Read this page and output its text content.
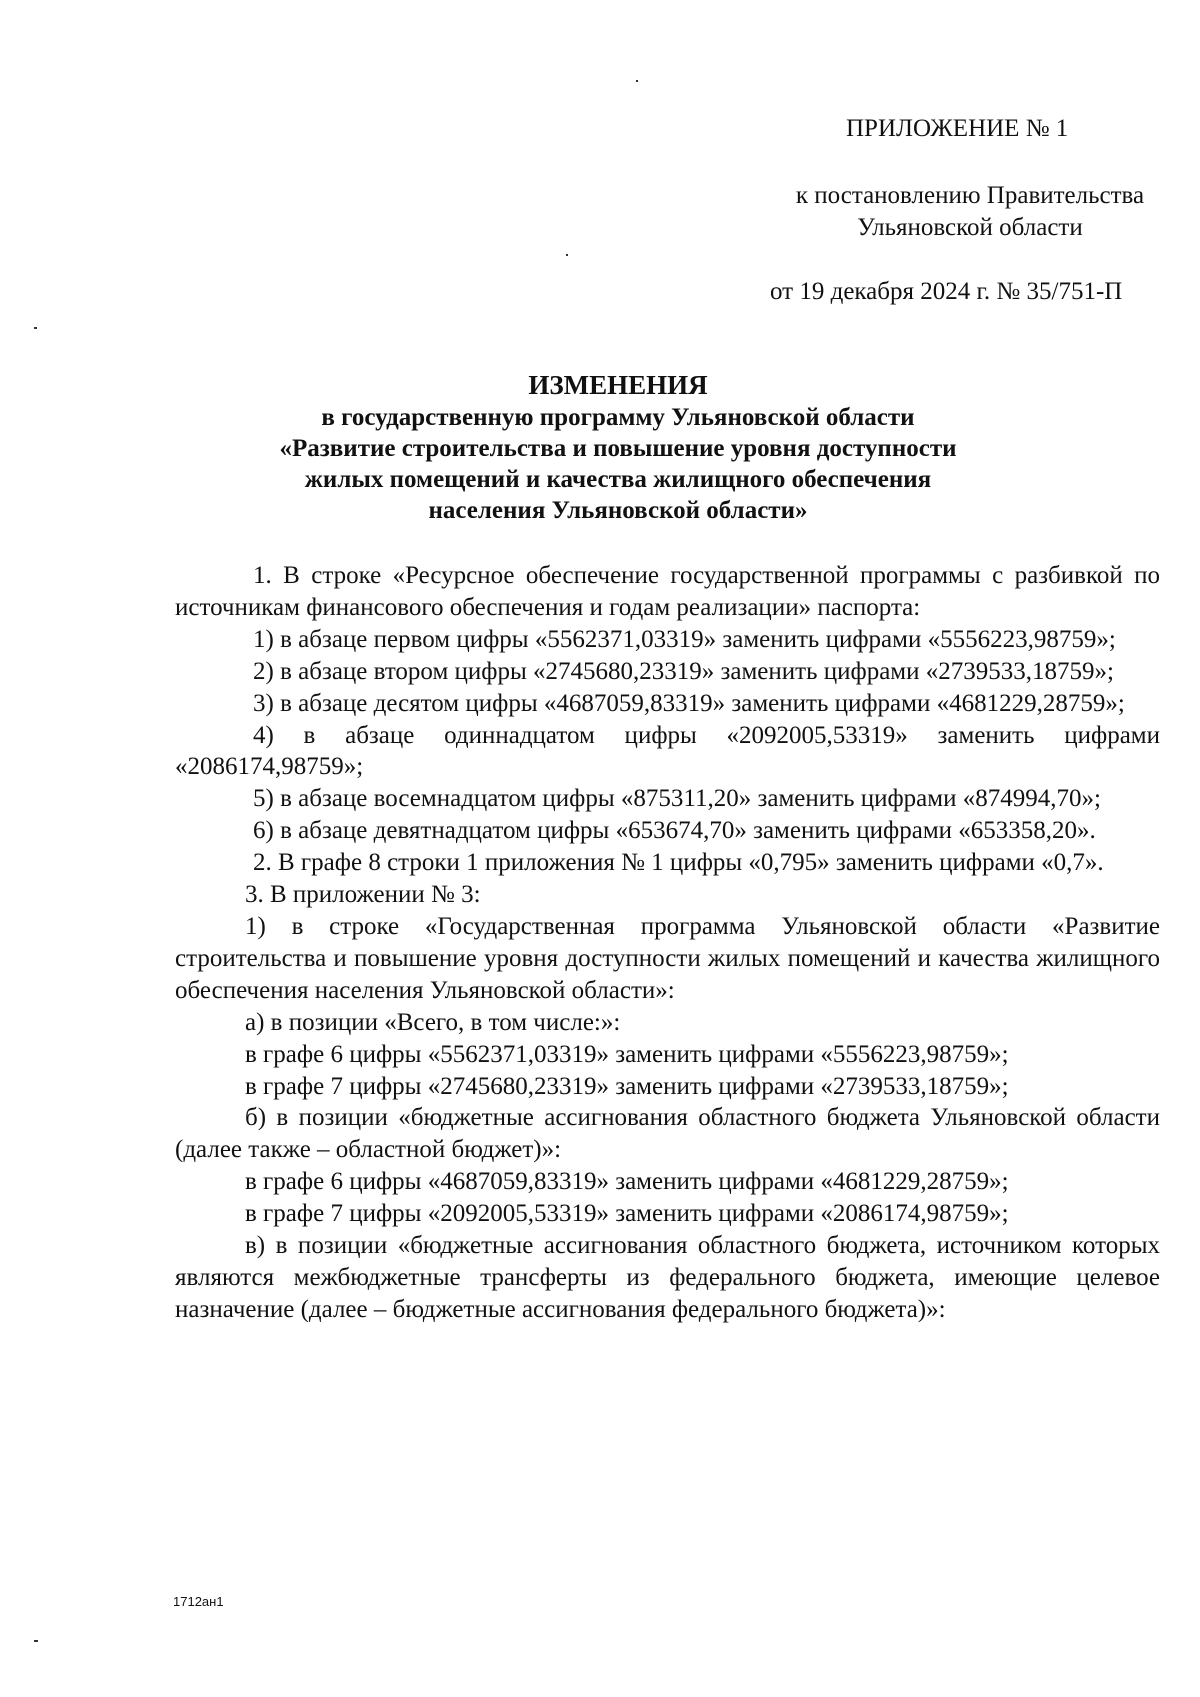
ПРИЛОЖЕНИЕ № 1
к постановлению Правительства
Ульяновской области
от 19 декабря 2024 г. № 35/751-П
ИЗМЕНЕНИЯ
в государственную программу Ульяновской области
«Развитие строительства и повышение уровня доступности
жилых помещений и качества жилищного обеспечения
населения Ульяновской области»

1. В строке «Ресурсное обеспечение государственной программы с разбивкой по источникам финансового обеспечения и годам реализации» паспорта:

1) в абзаце первом цифры «5562371,03319» заменить цифрами «5556223,98759»;

2) в абзаце втором цифры «2745680,23319» заменить цифрами «2739533,18759»;

3) в абзаце десятом цифры «4687059,83319» заменить цифрами «4681229,28759»;

4) в абзаце одиннадцатом цифры «2092005,53319» заменить цифрами «2086174,98759»;

5) в абзаце восемнадцатом цифры «875311,20» заменить цифрами «874994,70»;

6) в абзаце девятнадцатом цифры «653674,70» заменить цифрами «653358,20».

2. В графе 8 строки 1 приложения № 1 цифры «0,795» заменить цифрами «0,7».

3. В приложении № 3:

1) в строке «Государственная программа Ульяновской области «Развитие строительства и повышение уровня доступности жилых помещений и качества жилищного обеспечения населения Ульяновской области»:

а) в позиции «Всего, в том числе:»:

в графе 6 цифры «5562371,03319» заменить цифрами «5556223,98759»;

в графе 7 цифры «2745680,23319» заменить цифрами «2739533,18759»;

б) в позиции «бюджетные ассигнования областного бюджета Ульяновской области (далее также – областной бюджет)»:

в графе 6 цифры «4687059,83319» заменить цифрами «4681229,28759»;

в графе 7 цифры «2092005,53319» заменить цифрами «2086174,98759»;

в) в позиции «бюджетные ассигнования областного бюджета, источником которых являются межбюджетные трансферты из федерального бюджета, имеющие целевое назначение (далее – бюджетные ассигнования федерального бюджета)»:

1712ан1
